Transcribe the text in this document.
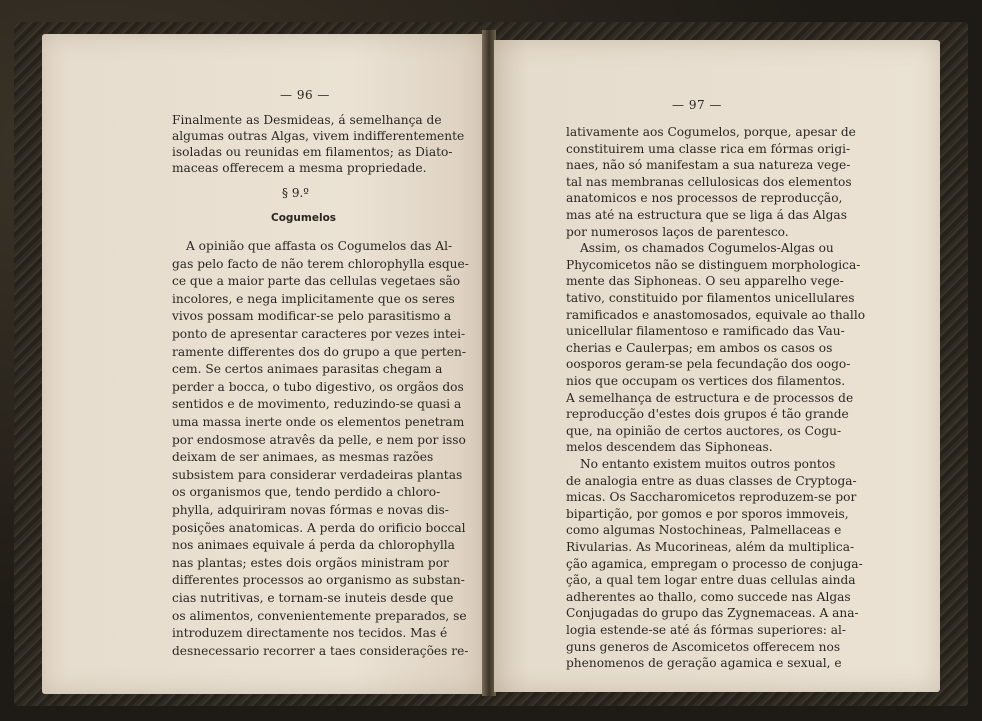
— 96 —
Finalmente as Desmideas, á semelhança de
algumas outras Algas, vivem indifferentemente
isoladas ou reunidas em filamentos; as Diato-
maceas offerecem a mesma propriedade.
§ 9.º
Cogumelos
A opinião que affasta os Cogumelos das Al-
gas pelo facto de não terem chlorophylla esque-
ce que a maior parte das cellulas vegetaes são
incolores, e nega implicitamente que os seres
vivos possam modificar-se pelo parasitismo a
ponto de apresentar caracteres por vezes intei-
ramente differentes dos do grupo a que perten-
cem. Se certos animaes parasitas chegam a
perder a bocca, o tubo digestivo, os orgãos dos
sentidos e de movimento, reduzindo-se quasi a
uma massa inerte onde os elementos penetram
por endosmose atravês da pelle, e nem por isso
deixam de ser animaes, as mesmas razões
subsistem para considerar verdadeiras plantas
os organismos que, tendo perdido a chloro-
phylla, adquiriram novas fórmas e novas dis-
posições anatomicas. A perda do orificio boccal
nos animaes equivale á perda da chlorophylla
nas plantas; estes dois orgãos ministram por
differentes processos ao organismo as substan-
cias nutritivas, e tornam-se inuteis desde que
os alimentos, convenientemente preparados, se
introduzem directamente nos tecidos. Mas é
desnecessario recorrer a taes considerações re-
— 97 —
lativamente aos Cogumelos, porque, apesar de
constituirem uma classe rica em fórmas origi-
naes, não só manifestam a sua natureza vege-
tal nas membranas cellulosicas dos elementos
anatomicos e nos processos de reproducção,
mas até na estructura que se liga á das Algas
por numerosos laços de parentesco.
Assim, os chamados Cogumelos-Algas ou
Phycomicetos não se distinguem morphologica-
mente das Siphoneas. O seu apparelho vege-
tativo, constituido por filamentos unicellulares
ramificados e anastomosados, equivale ao thallo
unicellular filamentoso e ramificado das Vau-
cherias e Caulerpas; em ambos os casos os
oosporos geram-se pela fecundação dos oogo-
nios que occupam os vertices dos filamentos.
A semelhança de estructura e de processos de
reproducção d'estes dois grupos é tão grande
que, na opinião de certos auctores, os Cogu-
melos descendem das Siphoneas.
No entanto existem muitos outros pontos
de analogia entre as duas classes de Cryptoga-
micas. Os Saccharomicetos reproduzem-se por
bipartição, por gomos e por sporos immoveis,
como algumas Nostochineas, Palmellaceas e
Rivularias. As Mucorineas, além da multiplica-
ção agamica, empregam o processo de conjuga-
ção, a qual tem logar entre duas cellulas ainda
adherentes ao thallo, como succede nas Algas
Conjugadas do grupo das Zygnemaceas. A ana-
logia estende-se até ás fórmas superiores: al-
guns generos de Ascomicetos offerecem nos
phenomenos de geração agamica e sexual, e
